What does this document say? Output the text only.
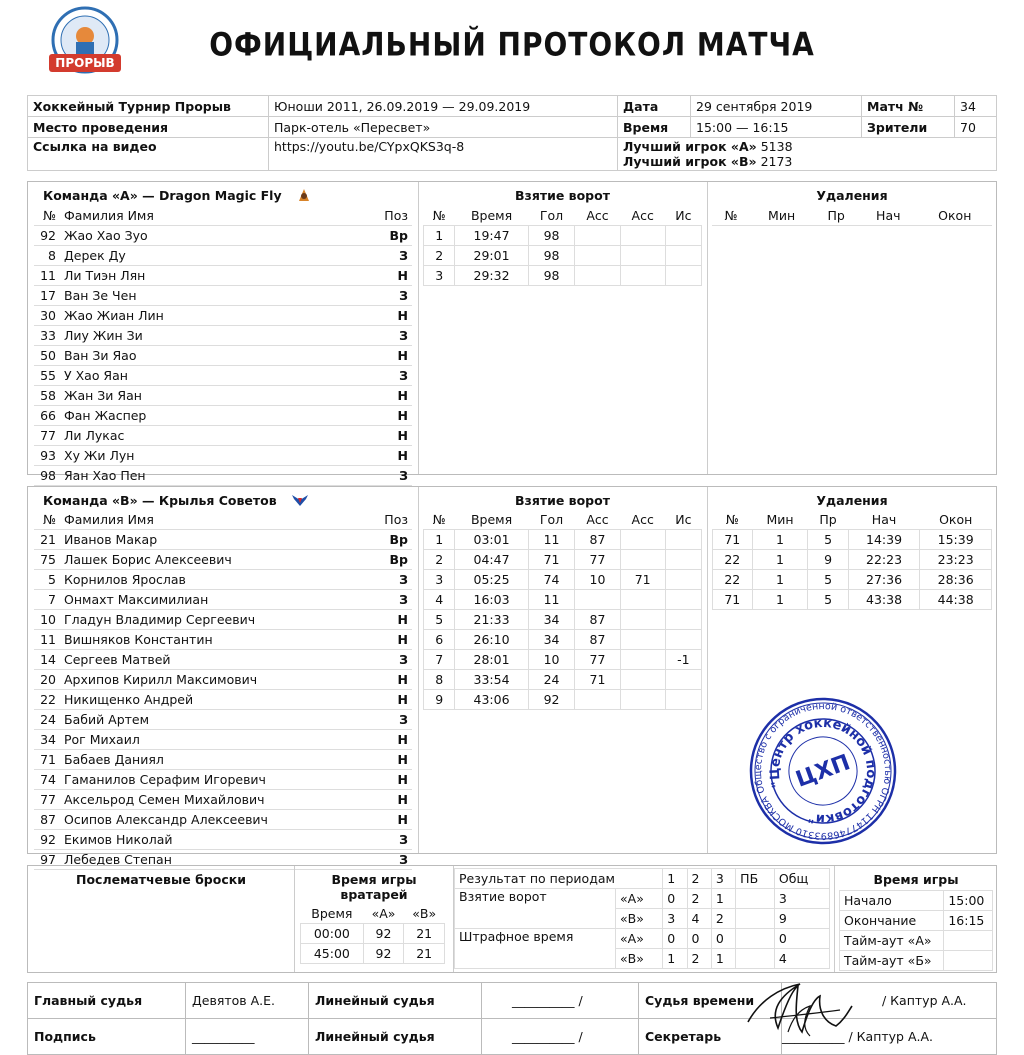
ПРОРЫВ	ОФИЦИАЛЬНЫЙ ПРОТОКОЛ МАТЧА
Хоккейный Турнир Прорыв	Юноши 2011, 26.09.2019 — 29.09.2019	Дата	29 сентября 2019	Матч №	34
Место проведения	Парк-отель «Пересвет»	Время	15:00 — 16:15	Зрители	70
Ссылка на видео	https://youtu.be/CYpxQKS3q-8	Лучший игрок «А» 5138
Лучший игрок «В» 2173			
Команда «А» — Dragon Magic Fly
№	Фамилия Имя	Поз
92	Жао Хао Зуо	Вр
8	Дерек Ду	З
11	Ли Тиэн Лян	Н
17	Ван Зе Чен	З
30	Жао Жиан Лин	Н
33	Лиу Жин Зи	З
50	Ван Зи Яао	Н
55	У Хао Яан	З
58	Жан Зи Яан	Н
66	Фан Жаспер	Н
77	Ли Лукас	Н
93	Ху Жи Лун	Н
98	Яан Хао Пен	З
Взятие ворот
№	Время	Гол	Асс	Асс	Ис
1	19:47	98			
2	29:01	98			
3	29:32	98			
Удаления
№	Мин	Пр	Нач	Окон
Команда «В» — Крылья Советов
№	Фамилия Имя	Поз
21	Иванов Макар	Вр
75	Лашек Борис Алексеевич	Вр
5	Корнилов Ярослав	З
7	Онмахт Максимилиан	З
10	Гладун Владимир Сергеевич	Н
11	Вишняков Константин	Н
14	Сергеев Матвей	З
20	Архипов Кирилл Максимович	Н
22	Никищенко Андрей	Н
24	Бабий Артем	З
34	Рог Михаил	Н
71	Бабаев Даниял	Н
74	Гаманилов Серафим Игоревич	Н
77	Аксельрод Семен Михайлович	Н
87	Осипов Александр Алексеевич	Н
92	Екимов Николай	З
97	Лебедев Степан	З
Взятие ворот
№	Время	Гол	Асс	Асс	Ис
1	03:01	11	87		
2	04:47	71	77		
3	05:25	74	10	71	
4	16:03	11			
5	21:33	34	87		
6	26:10	34	87		
7	28:01	10	77		-1
8	33:54	24	71		
9	43:06	92			
Удаления
№	Мин	Пр	Нач	Окон
71	1	5	14:39	15:39
22	1	9	22:23	23:23
22	1	5	27:36	28:36
71	1	5	43:38	44:38
Общество с ограниченной ответственностью ОГРН 1147746893310 МОСКВА
"Центр хоккейной подготовки"
ЦХП
Послематчевые броски	Время игры вратарей
Время	«А»	«В»
00:00	92	21
45:00	92	21
Результат по периодам		1	2	3	ПБ	Общ
Взятие ворот	«А»	0	2	1		3
	«В»	3	4	2		9
Штрафное время	«А»	0	0	0		0
	«В»	1	2	1		4
Время игры
Начало	15:00
Окончание	16:15
Тайм-аут «А»	
Тайм-аут «Б»	
Главный судья	Девятов А.Е.	Линейный судья	__________ /	Судья времени	/ Каптур А.А.
Подпись	__________	Линейный судья	__________ /	Секретарь	__________ / Каптур А.А.
